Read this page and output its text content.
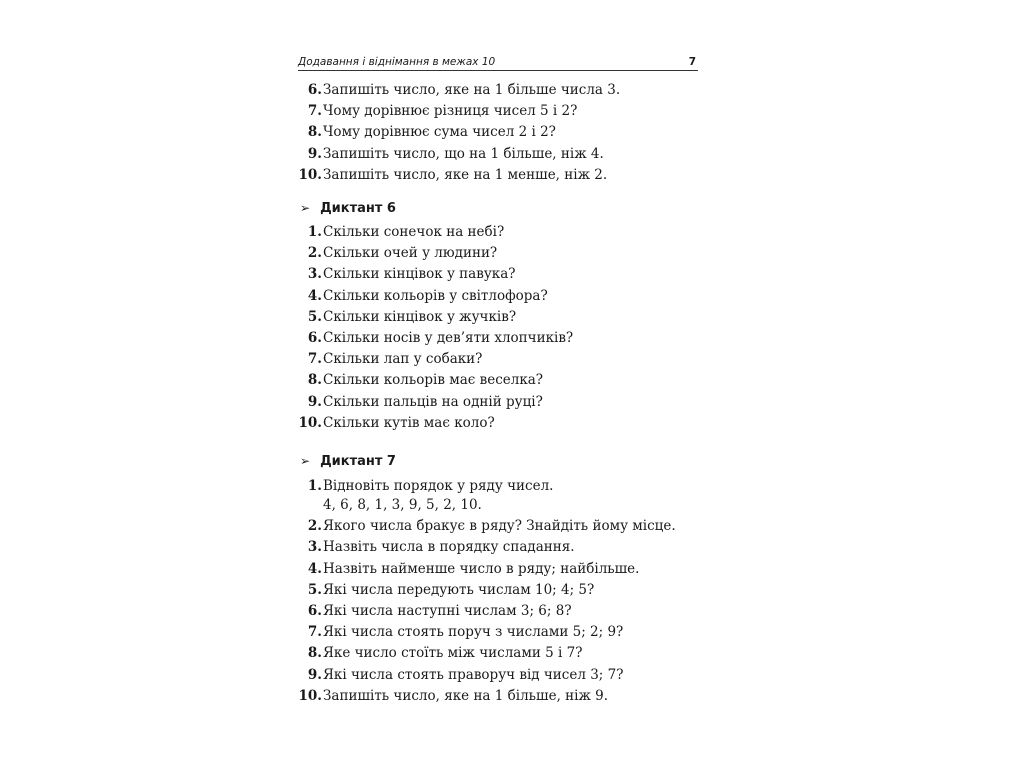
Додавання і віднімання в межах 10	7
6. Запишіть число, яке на 1 більше числа 3.
7. Чому дорівнює різниця чисел 5 і 2?
8. Чому дорівнює сума чисел 2 і 2?
9. Запишіть число, що на 1 більше, ніж 4.
10. Запишіть число, яке на 1 менше, ніж 2.
➢ Диктант 6
1. Скільки сонечок на небі?
2. Скільки очей у людини?
3. Скільки кінцівок у павука?
4. Скільки кольорів у світлофора?
5. Скільки кінцівок у жучків?
6. Скільки носів у дев’яти хлопчиків?
7. Скільки лап у собаки?
8. Скільки кольорів має веселка?
9. Скільки пальців на одній руці?
10. Скільки кутів має коло?
➢ Диктант 7
1. Відновіть порядок у ряду чисел.
4, 6, 8, 1, 3, 9, 5, 2, 10.
2. Якого числа бракує в ряду? Знайдіть йому місце.
3. Назвіть числа в порядку спадання.
4. Назвіть найменше число в ряду; найбільше.
5. Які числа передують числам 10; 4; 5?
6. Які числа наступні числам 3; 6; 8?
7. Які числа стоять поруч з числами 5; 2; 9?
8. Яке число стоїть між числами 5 і 7?
9. Які числа стоять праворуч від чисел 3; 7?
10. Запишіть число, яке на 1 більше, ніж 9.
